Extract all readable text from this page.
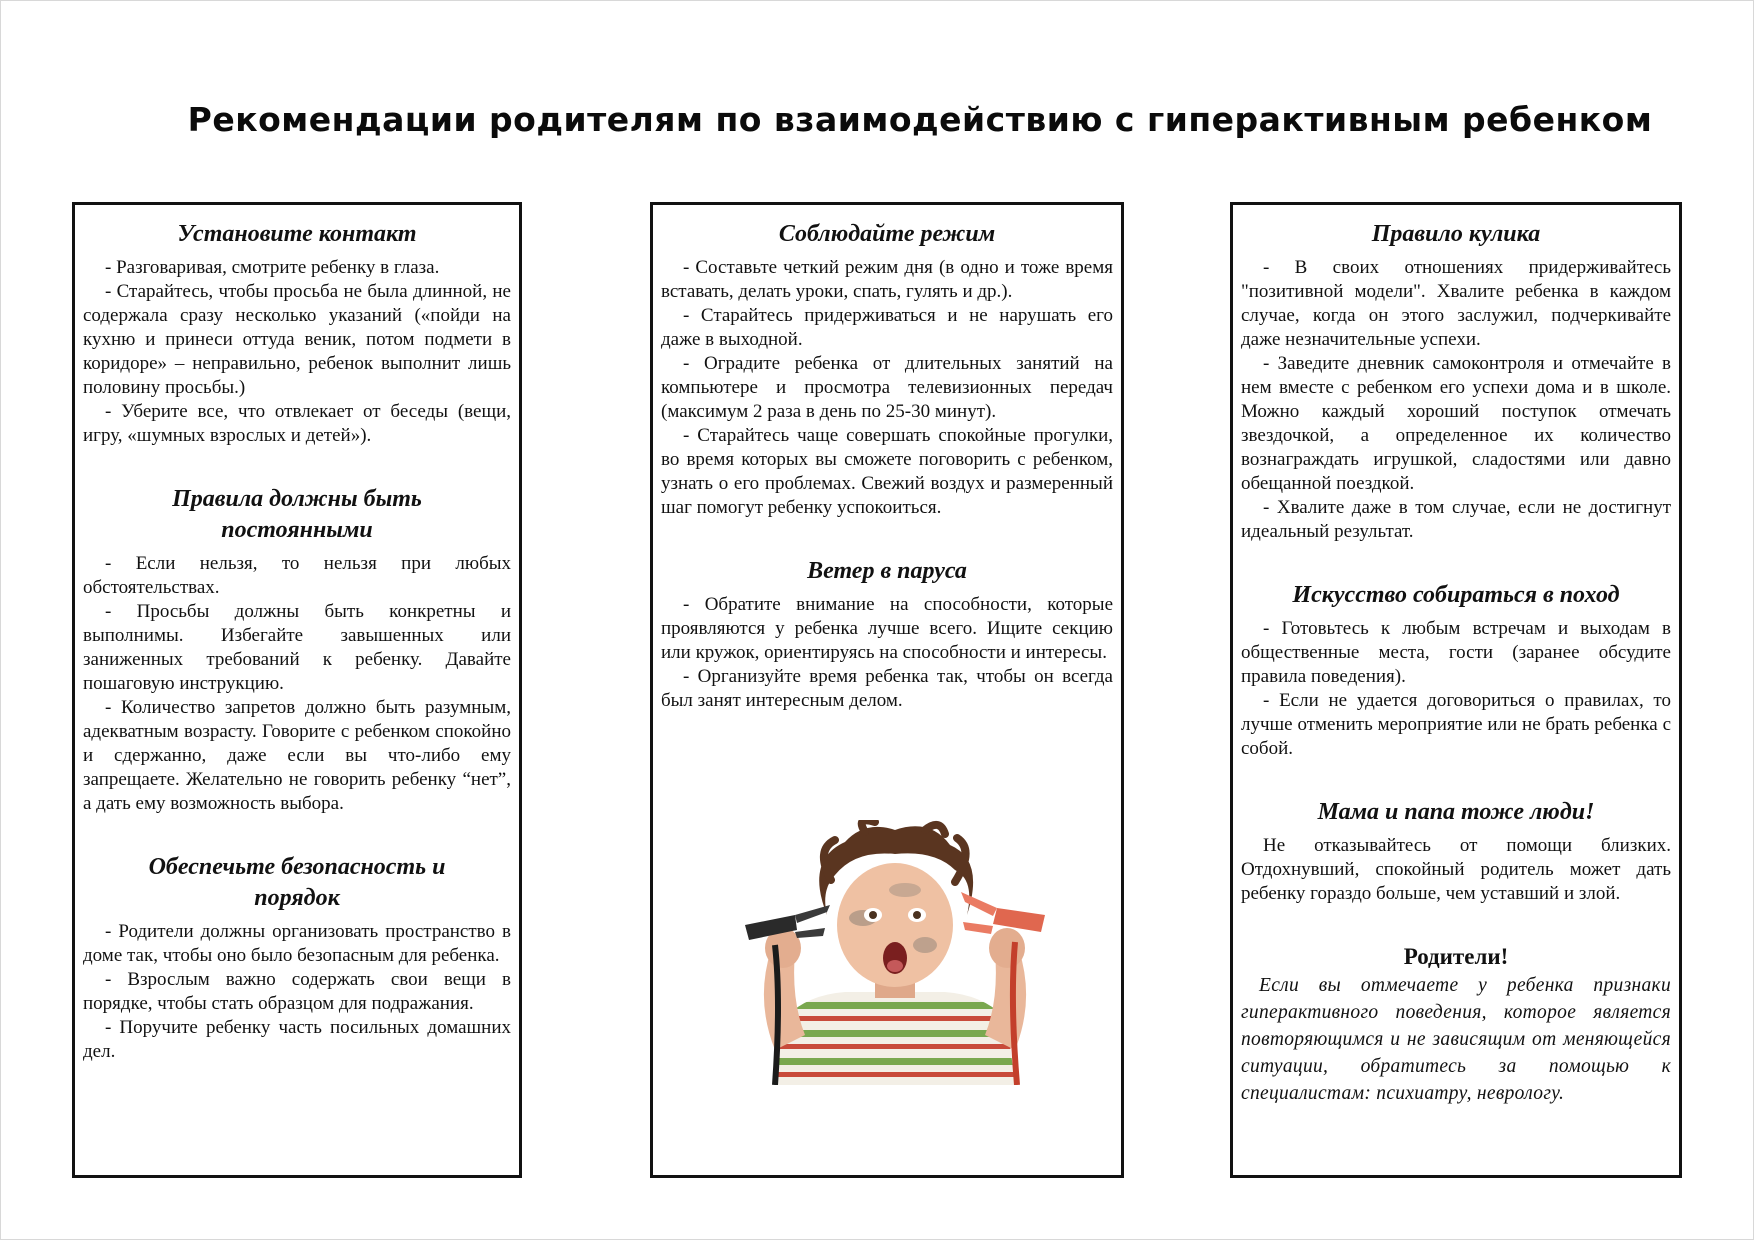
Рекомендации родителям по взаимодействию с гиперактивным ребенком
Установите контакт

- Разговаривая, смотрите ребенку в глаза.

- Старайтесь, чтобы просьба не была длинной, не содержала сразу несколько указаний («пойди на кухню и принеси оттуда веник, потом подмети в коридоре» – неправильно, ребенок выполнит лишь половину просьбы.)

- Уберите все, что отвлекает от беседы (вещи, игру, «шумных взрослых и детей»).

Правила должны быть постоянными

- Если нельзя, то нельзя при любых обстоятельствах.

- Просьбы должны быть конкретны и выполнимы. Избегайте завышенных или заниженных требований к ребенку. Давайте пошаговую инструкцию.

- Количество запретов должно быть разумным, адекватным возрасту. Говорите с ребенком спокойно и сдержанно, даже если вы что-либо ему запрещаете. Желательно не говорить ребенку “нет”, а дать ему возможность выбора.

Обеспечьте безопасность и порядок

- Родители должны организовать пространство в доме так, чтобы оно было безопасным для ребенка.

- Взрослым важно содержать свои вещи в порядке, чтобы стать образцом для подражания.

- Поручите ребенку часть посильных домашних дел.

Соблюдайте режим

- Составьте четкий режим дня (в одно и тоже время вставать, делать уроки, спать, гулять и др.).

- Старайтесь придерживаться и не нарушать его даже в выходной.

- Оградите ребенка от длительных занятий на компьютере и просмотра телевизионных передач (максимум 2 раза в день по 25-30 минут).

- Старайтесь чаще совершать спокойные прогулки, во время которых вы сможете поговорить с ребенком, узнать о его проблемах. Свежий воздух и размеренный шаг помогут ребенку успокоиться.

Ветер в паруса

- Обратите внимание на способности, которые проявляются у ребенка лучше всего. Ищите секцию или кружок, ориентируясь на способности и интересы.

- Организуйте время ребенка так, чтобы он всегда был занят интересным делом.

Правило кулика

- В своих отношениях придерживайтесь "позитивной модели". Хвалите ребенка в каждом случае, когда он этого заслужил, подчеркивайте даже незначительные успехи.

- Заведите дневник самоконтроля и отмечайте в нем вместе с ребенком его успехи дома и в школе. Можно каждый хороший поступок отмечать звездочкой, а определенное их количество вознаграждать игрушкой, сладостями или давно обещанной поездкой.

- Хвалите даже в том случае, если не достигнут идеальный результат.

Искусство собираться в поход

- Готовьтесь к любым встречам и выходам в общественные места, гости (заранее обсудите правила поведения).

- Если не удается договориться о правилах, то лучше отменить мероприятие или не брать ребенка с собой.

Мама и папа тоже люди!

Не отказывайтесь от помощи близких. Отдохнувший, спокойный родитель может дать ребенку гораздо больше, чем уставший и злой.

Родители!

Если вы отмечаете у ребенка признаки гиперактивного поведения, которое является повторяющимся и не зависящим от меняющейся ситуации, обратитесь за помощью к специалистам: психиатру, неврологу.
